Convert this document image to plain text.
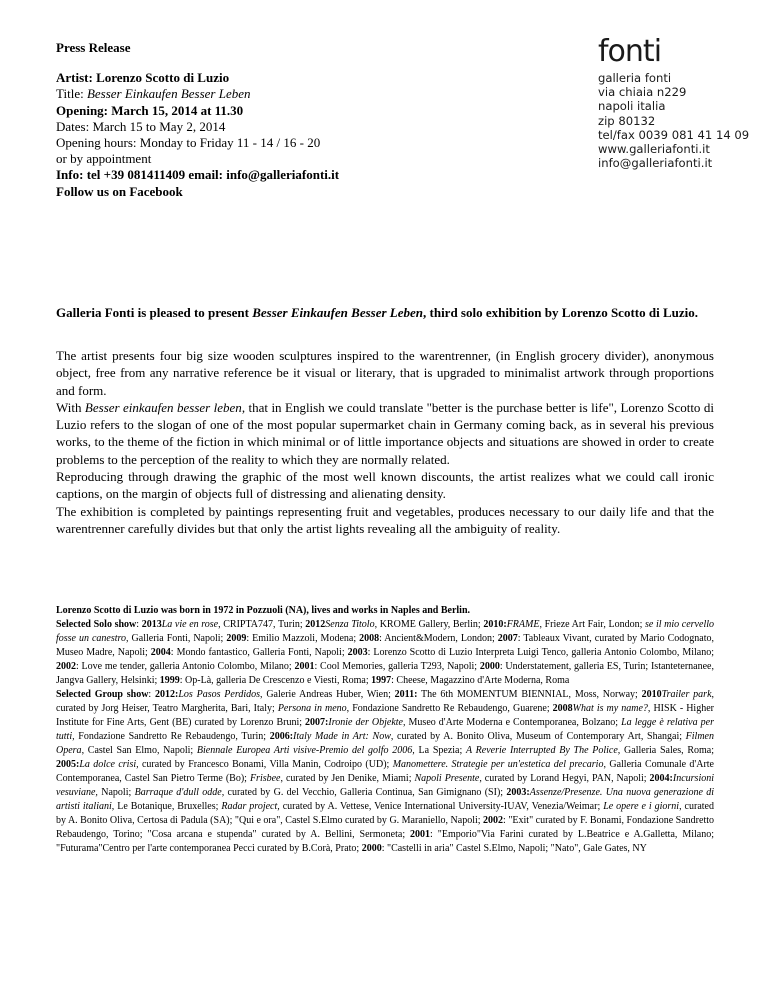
Press Release
Artist: Lorenzo Scotto di Luzio
Title: Besser Einkaufen Besser Leben
Opening: March 15, 2014 at 11.30
Dates: March 15 to May 2, 2014
Opening hours: Monday to Friday 11 - 14 / 16 - 20
or by appointment
Info: tel +39 081411409 email: info@galleriafonti.it
Follow us on Facebook
fonti
galleria fonti
via chiaia n229
napoli italia
zip 80132
tel/fax 0039 081 41 14 09
www.galleriafonti.it
info@galleriafonti.it
Galleria Fonti is pleased to present Besser Einkaufen Besser Leben, third solo exhibition by Lorenzo Scotto di Luzio.

The artist presents four big size wooden sculptures inspired to the warentrenner, (in English grocery divider), anonymous object, free from any narrative reference be it visual or literary, that is upgraded to minimalist artwork through proportions and form.

With Besser einkaufen besser leben, that in English we could translate "better is the purchase better is life", Lorenzo Scotto di Luzio refers to the slogan of one of the most popular supermarket chain in Germany coming back, as in several his previous works, to the theme of the fiction in which minimal or of little importance objects and situations are showed in order to create problems to the perception of the reality to which they are normally related.

Reproducing through drawing the graphic of the most well known discounts, the artist realizes what we could call ironic captions, on the margin of objects full of distressing and alienating density.

The exhibition is completed by paintings representing fruit and vegetables, produces necessary to our daily life and that the warentrenner carefully divides but that only the artist lights revealing all the ambiguity of reality.

Lorenzo Scotto di Luzio was born in 1972 in Pozzuoli (NA), lives and works in Naples and Berlin.

Selected Solo show: 2013La vie en rose, CRIPTA747, Turin; 2012Senza Titolo, KROME Gallery, Berlin; 2010:FRAME, Frieze Art Fair, London; se il mio cervello fosse un canestro, Galleria Fonti, Napoli; 2009: Emilio Mazzoli, Modena; 2008: Ancient&Modern, London; 2007: Tableaux Vivant, curated by Mario Codognato, Museo Madre, Napoli; 2004: Mondo fantastico, Galleria Fonti, Napoli; 2003: Lorenzo Scotto di Luzio Interpreta Luigi Tenco, galleria Antonio Colombo, Milano; 2002: Love me tender, galleria Antonio Colombo, Milano; 2001: Cool Memories, galleria T293, Napoli; 2000: Understatement, galleria ES, Turin; Istanteternanee, Jangva Gallery, Helsinki; 1999: Op-Là, galleria De Crescenzo e Viesti, Roma; 1997: Cheese, Magazzino d'Arte Moderna, Roma

Selected Group show: 2012:Los Pasos Perdidos, Galerie Andreas Huber, Wien; 2011: The 6th MOMENTUM BIENNIAL, Moss, Norway; 2010Trailer park, curated by Jorg Heiser, Teatro Margherita, Bari, Italy; Persona in meno, Fondazione Sandretto Re Rebaudengo, Guarene; 2008What is my name?, HISK - Higher Institute for Fine Arts, Gent (BE) curated by Lorenzo Bruni; 2007:Ironie der Objekte, Museo d'Arte Moderna e Contemporanea, Bolzano; La legge è relativa per tutti, Fondazione Sandretto Re Rebaudengo, Turin; 2006:Italy Made in Art: Now, curated by A. Bonito Oliva, Museum of Contemporary Art, Shangai; Filmen Opera, Castel San Elmo, Napoli; Biennale Europea Arti visive-Premio del golfo 2006, La Spezia; A Reverie Interrupted By The Police, Galleria Sales, Roma; 2005:La dolce crisi, curated by Francesco Bonami, Villa Manin, Codroipo (UD); Manomettere. Strategie per un'estetica del precario, Galleria Comunale d'Arte Contemporanea, Castel San Pietro Terme (Bo); Frisbee, curated by Jen Denike, Miami; Napoli Presente, curated by Lorand Hegyi, PAN, Napoli; 2004:Incursioni vesuviane, Napoli; Barraque d'dull odde, curated by G. del Vecchio, Galleria Continua, San Gimignano (SI); 2003:Assenze/Presenze. Una nuova generazione di artisti italiani, Le Botanique, Bruxelles; Radar project, curated by A. Vettese, Venice International University-IUAV, Venezia/Weimar; Le opere e i giorni, curated by A. Bonito Oliva, Certosa di Padula (SA); "Qui e ora", Castel S.Elmo curated by G. Maraniello, Napoli; 2002: "Exit" curated by F. Bonami, Fondazione Sandretto Rebaudengo, Torino; "Cosa arcana e stupenda" curated by A. Bellini, Sermoneta; 2001: "Emporio"Via Farini curated by L.Beatrice e A.Galletta, Milano; "Futurama"Centro per l'arte contemporanea Pecci curated by B.Corà, Prato; 2000: "Castelli in aria" Castel S.Elmo, Napoli; "Nato", Gale Gates, NY
